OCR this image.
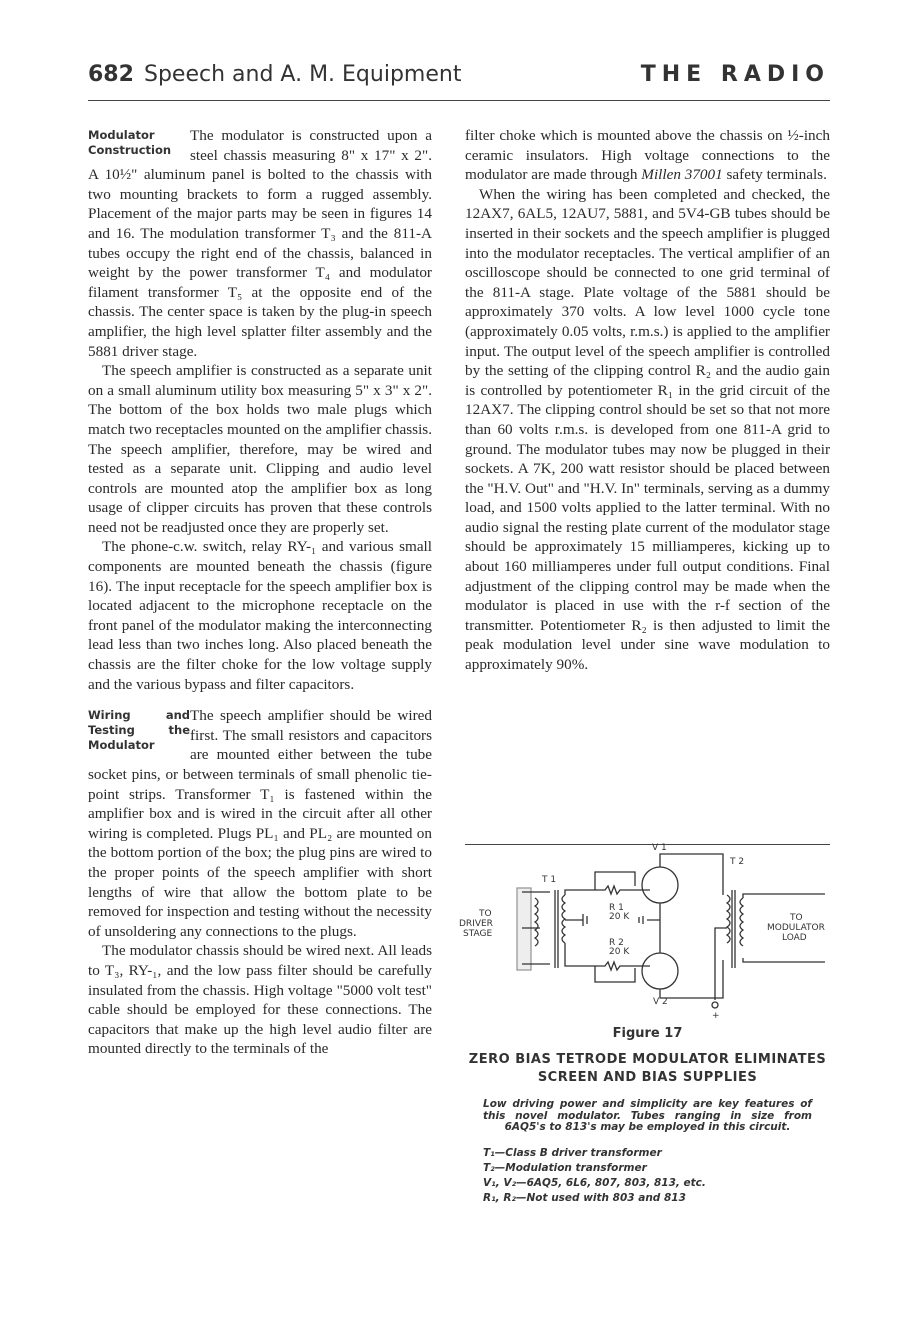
682 Speech and A. M. Equipment	THE RADIO
Modulator Construction

The modulator is constructed upon a steel chassis measuring 8" x 17" x 2". A 10½" aluminum panel is bolted to the chassis with two mounting brackets to form a rugged assembly. Placement of the major parts may be seen in figures 14 and 16. The modulation transformer T₃ and the 811-A tubes occupy the right end of the chassis, balanced in weight by the power transformer T₄ and modulator filament transformer T₅ at the opposite end of the chassis. The center space is taken by the plug-in speech amplifier, the high level splatter filter assembly and the 5881 driver stage.

The speech amplifier is constructed as a separate unit on a small aluminum utility box measuring 5" x 3" x 2". The bottom of the box holds two male plugs which match two receptacles mounted on the amplifier chassis. The speech amplifier, therefore, may be wired and tested as a separate unit. Clipping and audio level controls are mounted atop the amplifier box as long usage of clipper circuits has proven that these controls need not be readjusted once they are properly set.

The phone-c.w. switch, relay RY-₁ and various small components are mounted beneath the chassis (figure 16). The input receptacle for the speech amplifier box is located adjacent to the microphone receptacle on the front panel of the modulator making the interconnecting lead less than two inches long. Also placed beneath the chassis are the filter choke for the low voltage supply and the various bypass and filter capacitors.

Wiring and Testing the Modulator

The speech amplifier should be wired first. The small resistors and capacitors are mounted either between the tube socket pins, or between terminals of small phenolic tie-point strips. Transformer T₁ is fastened within the amplifier box and is wired in the circuit after all other wiring is completed. Plugs PL₁ and PL₂ are mounted on the bottom portion of the box; the plug pins are wired to the proper points of the speech amplifier with short lengths of wire that allow the bottom plate to be removed for inspection and testing without the necessity of unsoldering any connections to the plugs.

The modulator chassis should be wired next. All leads to T₃, RY-₁, and the low pass filter should be carefully insulated from the chassis. High voltage "5000 volt test" cable should be employed for these connections. The capacitors that make up the high level audio filter are mounted directly to the terminals of the

filter choke which is mounted above the chassis on ½-inch ceramic insulators. High voltage connections to the modulator are made through Millen 37001 safety terminals.

When the wiring has been completed and checked, the 12AX7, 6AL5, 12AU7, 5881, and 5V4-GB tubes should be inserted in their sockets and the speech amplifier is plugged into the modulator receptacles. The vertical amplifier of an oscilloscope should be connected to one grid terminal of the 811-A stage. Plate voltage of the 5881 should be approximately 370 volts. A low level 1000 cycle tone (approximately 0.05 volts, r.m.s.) is applied to the amplifier input. The output level of the speech amplifier is controlled by the setting of the clipping control R₂ and the audio gain is controlled by potentiometer R₁ in the grid circuit of the 12AX7. The clipping control should be set so that not more than 60 volts r.m.s. is developed from one 811-A grid to ground. The modulator tubes may now be plugged in their sockets. A 7K, 200 watt resistor should be placed between the "H.V. Out" and "H.V. In" terminals, serving as a dummy load, and 1500 volts applied to the latter terminal. With no audio signal the resting plate current of the modulator stage should be approximately 15 milliamperes, kicking up to about 160 milliamperes under full output conditions. Final adjustment of the clipping control may be made when the modulator is placed in use with the r-f section of the transmitter. Potentiometer R₂ is then adjusted to limit the peak modulation level under sine wave modulation to approximately 90%.

T 1
T 2
V 1
V 2
R 1
20 K
R 2
20 K
TO
DRIVER
STAGE
TO
MODULATOR
LOAD
+
Figure 17
ZERO BIAS TETRODE MODULATOR ELIMINATES SCREEN AND BIAS SUPPLIES
Low driving power and simplicity are key features of this novel modulator. Tubes ranging in size from 6AQ5's to 813's may be employed in this circuit.
T₁—Class B driver transformer
T₂—Modulation transformer
V₁, V₂—6AQ5, 6L6, 807, 803, 813, etc.
R₁, R₂—Not used with 803 and 813
